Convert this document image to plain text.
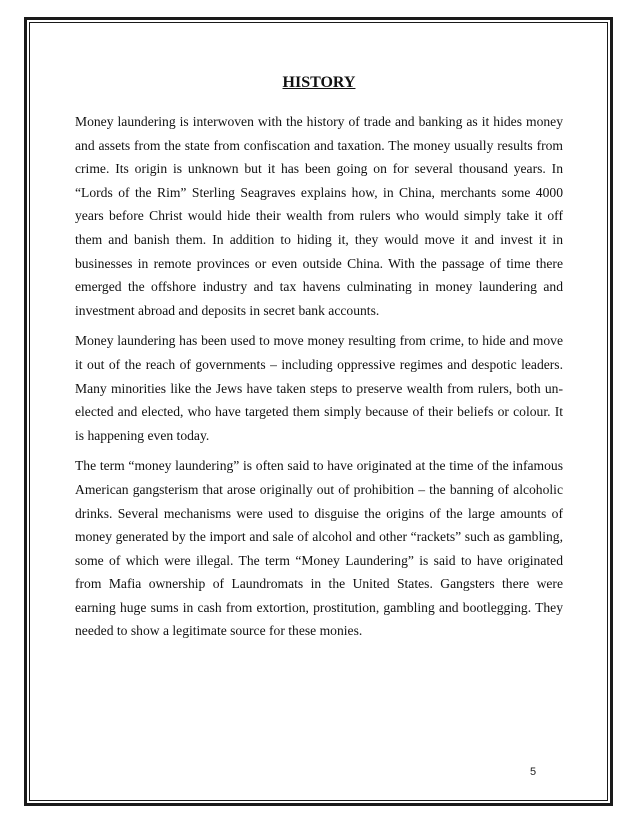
HISTORY

Money laundering is interwoven with the history of trade and banking as it hides money and assets from the state from confiscation and taxation. The money usually results from crime. Its origin is unknown but it has been going on for several thousand years. In “Lords of the Rim” Sterling Seagraves explains how, in China, merchants some 4000 years before Christ would hide their wealth from rulers who would simply take it off them and banish them. In addition to hiding it, they would move it and invest it in businesses in remote provinces or even outside China. With the passage of time there emerged the offshore industry and tax havens culminating in money laundering and investment abroad and deposits in secret bank accounts.

Money laundering has been used to move money resulting from crime, to hide and move it out of the reach of governments – including oppressive regimes and despotic leaders. Many minorities like the Jews have taken steps to preserve wealth from rulers, both un-elected and elected, who have targeted them simply because of their beliefs or colour. It is happening even today.

The term “money laundering” is often said to have originated at the time of the infamous American gangsterism that arose originally out of prohibition – the banning of alcoholic drinks. Several mechanisms were used to disguise the origins of the large amounts of money generated by the import and sale of alcohol and other “rackets” such as gambling, some of which were illegal. The term “Money Laundering” is said to have originated from Mafia ownership of Laundromats in the United States. Gangsters there were earning huge sums in cash from extortion, prostitution, gambling and bootlegging. They needed to show a legitimate source for these monies.

5
